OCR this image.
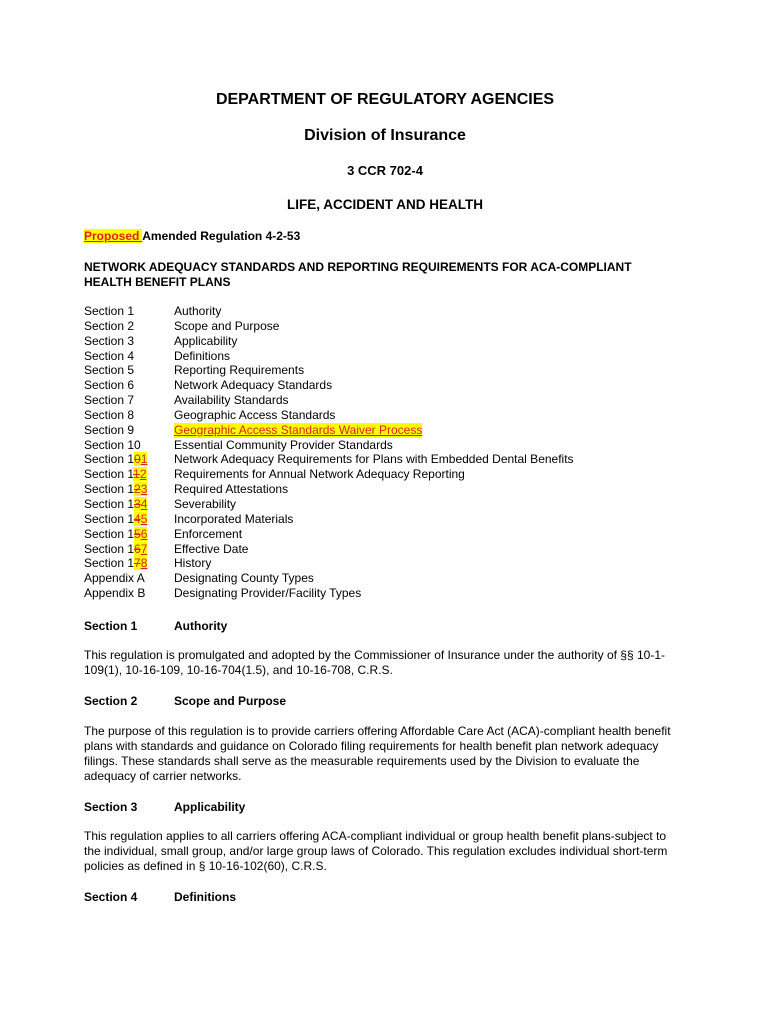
DEPARTMENT OF REGULATORY AGENCIES
Division of Insurance
3 CCR 702-4
LIFE, ACCIDENT AND HEALTH
Proposed Amended Regulation 4-2-53
NETWORK ADEQUACY STANDARDS AND REPORTING REQUIREMENTS FOR ACA-COMPLIANT HEALTH BENEFIT PLANS
Section 1	Authority
Section 2	Scope and Purpose
Section 3	Applicability
Section 4	Definitions
Section 5	Reporting Requirements
Section 6	Network Adequacy Standards
Section 7	Availability Standards
Section 8	Geographic Access Standards
Section 9	Geographic Access Standards Waiver Process
Section 10	Essential Community Provider Standards
Section 101 Network Adequacy Requirements for Plans with Embedded Dental Benefits
Section 112 Requirements for Annual Network Adequacy Reporting
Section 123 Required Attestations
Section 134 Severability
Section 145 Incorporated Materials
Section 156 Enforcement
Section 167 Effective Date
Section 178 History
Appendix A Designating County Types
Appendix B Designating Provider/Facility Types
Section 1	Authority
This regulation is promulgated and adopted by the Commissioner of Insurance under the authority of §§ 10-1-109(1), 10-16-109, 10-16-704(1.5), and 10-16-708, C.R.S.
Section 2	Scope and Purpose
The purpose of this regulation is to provide carriers offering Affordable Care Act (ACA)-compliant health benefit plans with standards and guidance on Colorado filing requirements for health benefit plan network adequacy filings. These standards shall serve as the measurable requirements used by the Division to evaluate the adequacy of carrier networks.
Section 3	Applicability
This regulation applies to all carriers offering ACA-compliant individual or group health benefit plans-subject to the individual, small group, and/or large group laws of Colorado. This regulation excludes individual short-term policies as defined in § 10-16-102(60), C.R.S.
Section 4	Definitions
